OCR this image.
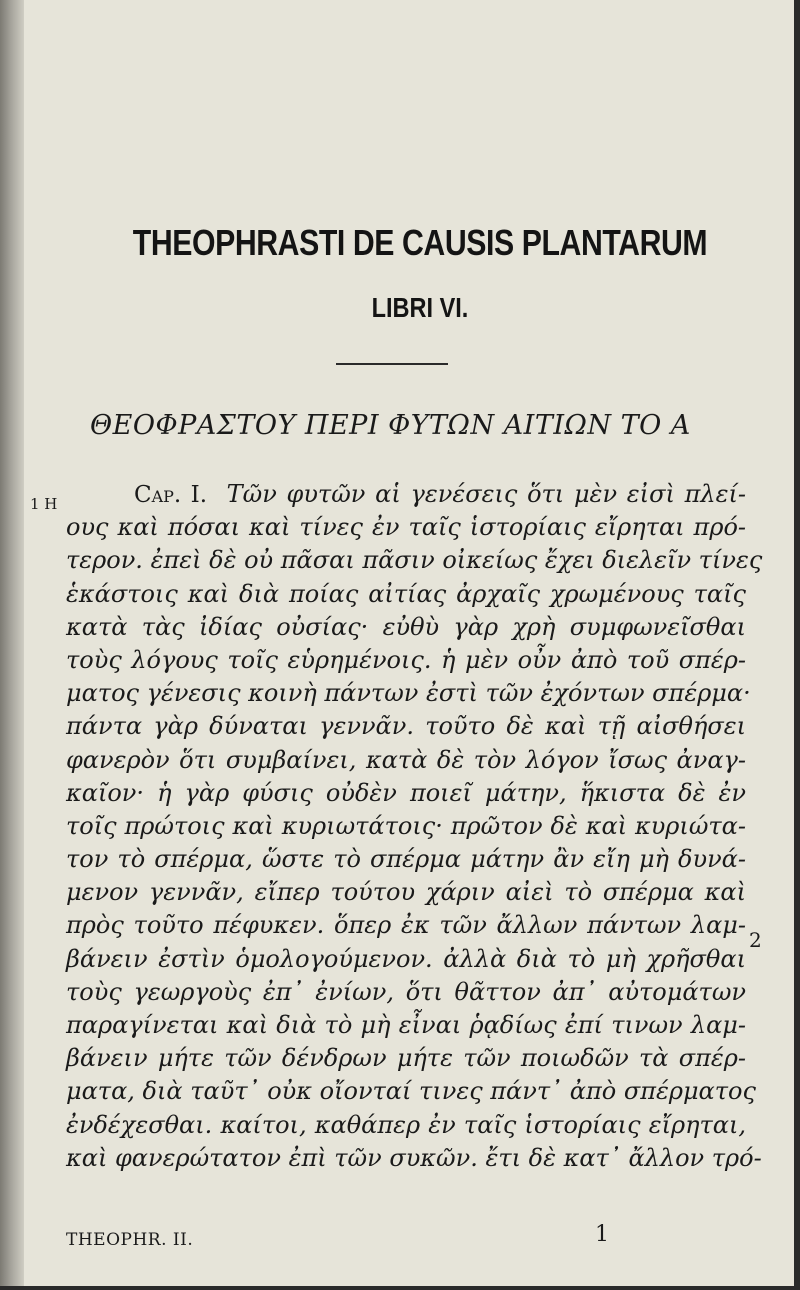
THEOPHRASTI DE CAUSIS PLANTARUM
LIBRI VI.
ΘΕΟΦΡΑΣΤΟΥ ΠΕΡΙ ΦΥΤΩΝ ΑΙΤΙΩΝ ΤΟ Α
1 H
2
Cap. I. Τῶν φυτῶν αἱ γενέσεις ὅτι μὲν εἰσὶ πλεί-
ους καὶ πόσαι καὶ τίνες ἐν ταῖς ἱστορίαις εἴρηται πρό-
τερον. ἐπεὶ δὲ οὐ πᾶσαι πᾶσιν οἰκείως ἔχει διελεῖν τίνες
ἑκάστοις καὶ διὰ ποίας αἰτίας ἀρχαῖς χρωμένους ταῖς
κατὰ τὰς ἰδίας οὐσίας· εὐθὺ γὰρ χρὴ συμφωνεῖσθαι
τοὺς λόγους τοῖς εὑρημένοις. ἡ μὲν οὖν ἀπὸ τοῦ σπέρ-
ματος γένεσις κοινὴ πάντων ἐστὶ τῶν ἐχόντων σπέρμα·
πάντα γὰρ δύναται γεννᾶν. τοῦτο δὲ καὶ τῇ αἰσθήσει
φανερὸν ὅτι συμβαίνει, κατὰ δὲ τὸν λόγον ἴσως ἀναγ-
καῖον· ἡ γὰρ φύσις οὐδὲν ποιεῖ μάτην, ἥκιστα δὲ ἐν
τοῖς πρώτοις καὶ κυριωτάτοις· πρῶτον δὲ καὶ κυριώτα-
τον τὸ σπέρμα, ὥστε τὸ σπέρμα μάτην ἂν εἴη μὴ δυνά-
μενον γεννᾶν, εἴπερ τούτου χάριν αἰεὶ τὸ σπέρμα καὶ
πρὸς τοῦτο πέφυκεν. ὅπερ ἐκ τῶν ἄλλων πάντων λαμ-
βάνειν ἐστὶν ὁμολογούμενον. ἀλλὰ διὰ τὸ μὴ χρῆσθαι
τοὺς γεωργοὺς ἐπ᾽ ἐνίων, ὅτι θᾶττον ἀπ᾽ αὐτομάτων
παραγίνεται καὶ διὰ τὸ μὴ εἶναι ῥᾳδίως ἐπί τινων λαμ-
βάνειν μήτε τῶν δένδρων μήτε τῶν ποιωδῶν τὰ σπέρ-
ματα, διὰ ταῦτ᾽ οὐκ οἴονταί τινες πάντ᾽ ἀπὸ σπέρματος
ἐνδέχεσθαι. καίτοι, καθάπερ ἐν ταῖς ἱστορίαις εἴρηται,
καὶ φανερώτατον ἐπὶ τῶν συκῶν. ἔτι δὲ κατ᾽ ἄλλον τρό-
THEOPHR. II.	1
